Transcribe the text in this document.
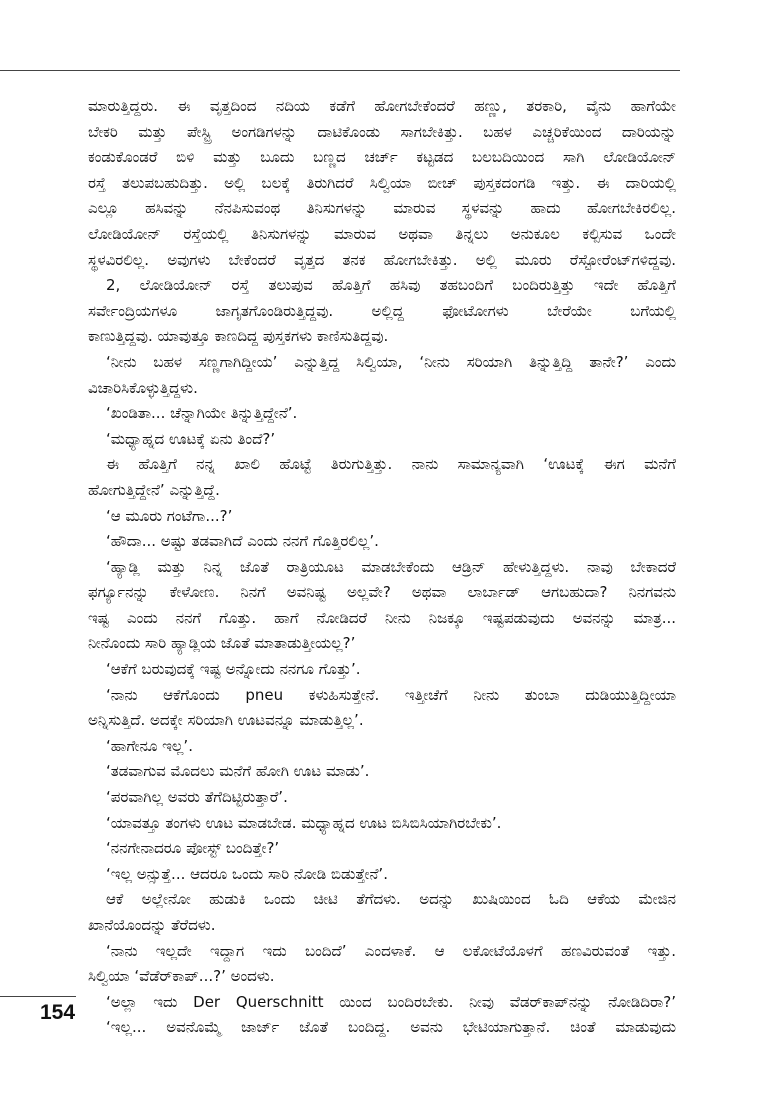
ಮಾರುತ್ತಿದ್ದರು. ಈ ವೃತ್ತದಿಂದ ನದಿಯ ಕಡೆಗೆ ಹೋಗಬೇಕೆಂದರೆ ಹಣ್ಣು, ತರಕಾರಿ, ವೈನು ಹಾಗೆಯೇ
ಬೇಕರಿ ಮತ್ತು ಪೇಸ್ಟ್ರಿ ಅಂಗಡಿಗಳನ್ನು ದಾಟಿಕೊಂಡು ಸಾಗಬೇಕಿತ್ತು. ಬಹಳ ಎಚ್ಚರಿಕೆಯಿಂದ ದಾರಿಯನ್ನು
ಕಂಡುಕೊಂಡರೆ ಬಿಳಿ ಮತ್ತು ಬೂದು ಬಣ್ಣದ ಚರ್ಚ್ ಕಟ್ಟಡದ ಬಲಬದಿಯಿಂದ ಸಾಗಿ ಲೋಡಿಯೋನ್
ರಸ್ತೆ ತಲುಪಬಹುದಿತ್ತು. ಅಲ್ಲಿ ಬಲಕ್ಕೆ ತಿರುಗಿದರೆ ಸಿಲ್ವಿಯಾ ಬೀಚ್ ಪುಸ್ತಕದಂಗಡಿ ಇತ್ತು. ಈ ದಾರಿಯಲ್ಲಿ
ಎಲ್ಲೂ ಹಸಿವನ್ನು ನೆನಪಿಸುವಂಥ ತಿನಿಸುಗಳನ್ನು ಮಾರುವ ಸ್ಥಳವನ್ನು ಹಾದು ಹೋಗಬೇಕಿರಲಿಲ್ಲ.
ಲೋಡಿಯೋನ್ ರಸ್ತೆಯಲ್ಲಿ ತಿನಿಸುಗಳನ್ನು ಮಾರುವ ಅಥವಾ ತಿನ್ನಲು ಅನುಕೂಲ ಕಲ್ಪಿಸುವ ಒಂದೇ
ಸ್ಥಳವಿರಲಿಲ್ಲ. ಅವುಗಳು ಬೇಕೆಂದರೆ ವೃತ್ತದ ತನಕ ಹೋಗಬೇಕಿತ್ತು. ಅಲ್ಲಿ ಮೂರು ರೆಸ್ಟೋರೆಂಟ್‌ಗಳಿದ್ದವು.
2, ಲೋಡಿಯೋನ್ ರಸ್ತೆ ತಲುಪುವ ಹೊತ್ತಿಗೆ ಹಸಿವು ತಹಬಂದಿಗೆ ಬಂದಿರುತ್ತಿತ್ತು ಇದೇ ಹೊತ್ತಿಗೆ
ಸರ್ವೇಂದ್ರಿಯಗಳೂ ಜಾಗೃತಗೊಂಡಿರುತ್ತಿದ್ದವು. ಅಲ್ಲಿದ್ದ ಫೋಟೋಗಳು ಬೇರೆಯೇ ಬಗೆಯಲ್ಲಿ
ಕಾಣುತ್ತಿದ್ದವು. ಯಾವುತ್ತೂ ಕಾಣದಿದ್ದ ಪುಸ್ತಕಗಳು ಕಾಣಿಸುತಿದ್ದವು.
‘ನೀನು ಬಹಳ ಸಣ್ಣಗಾಗಿದ್ದೀಯ’ ಎನ್ನುತ್ತಿದ್ದ ಸಿಲ್ವಿಯಾ, ‘ನೀನು ಸರಿಯಾಗಿ ತಿನ್ನುತ್ತಿದ್ದಿ ತಾನೇ?’ ಎಂದು
ವಿಚಾರಿಸಿಕೊಳ್ಳುತ್ತಿದ್ದಳು.
‘ಖಂಡಿತಾ... ಚೆನ್ನಾಗಿಯೇ ತಿನ್ನುತ್ತಿದ್ದೇನೆ’.
‘ಮಧ್ಯಾಹ್ನದ ಊಟಕ್ಕೆ ಏನು ತಿಂದೆ?’
ಈ ಹೊತ್ತಿಗೆ ನನ್ನ ಖಾಲಿ ಹೊಟ್ಟೆ ತಿರುಗುತ್ತಿತ್ತು. ನಾನು ಸಾಮಾನ್ಯವಾಗಿ ‘ಊಟಕ್ಕೆ ಈಗ ಮನೆಗೆ
ಹೋಗುತ್ತಿದ್ದೇನೆ’ ಎನ್ನುತ್ತಿದ್ದೆ.
‘ಆ ಮೂರು ಗಂಟೆಗಾ...?’
‘ಹೌದಾ... ಅಷ್ಟು ತಡವಾಗಿದೆ ಎಂದು ನನಗೆ ಗೊತ್ತಿರಲಿಲ್ಲ’.
‘ಹ್ಯಾಡ್ಲಿ ಮತ್ತು ನಿನ್ನ ಜೊತೆ ರಾತ್ರಿಯೂಟ ಮಾಡಬೇಕೆಂದು ಆಡ್ರಿನ್ ಹೇಳುತ್ತಿದ್ದಳು. ನಾವು ಬೇಕಾದರೆ
ಫರ್ಗ್ಯೂನನ್ನು ಕೇಳೋಣ. ನಿನಗೆ ಅವನಿಷ್ಟ ಅಲ್ಲವೇ? ಅಥವಾ ಲಾರ್ಬಾಡ್ ಆಗಬಹುದಾ? ನಿನಗವನು
ಇಷ್ಟ ಎಂದು ನನಗೆ ಗೊತ್ತು. ಹಾಗೆ ನೋಡಿದರೆ ನೀನು ನಿಜಕ್ಕೂ ಇಷ್ಟಪಡುವುದು ಅವನನ್ನು ಮಾತ್ರ...
ನೀನೊಂದು ಸಾರಿ ಹ್ಯಾಡ್ಲಿಯ ಜೊತೆ ಮಾತಾಡುತ್ತೀಯಲ್ಲ?’
‘ಆಕೆಗೆ ಬರುವುದಕ್ಕೆ ಇಷ್ಟ ಅನ್ನೋದು ನನಗೂ ಗೊತ್ತು’.
‘ನಾನು ಆಕೆಗೊಂದು pneu ಕಳುಹಿಸುತ್ತೇನೆ. ಇತ್ತೀಚೆಗೆ ನೀನು ತುಂಬಾ ದುಡಿಯುತ್ತಿದ್ದೀಯಾ
ಅನ್ನಿಸುತ್ತಿದೆ. ಅದಕ್ಕೇ ಸರಿಯಾಗಿ ಊಟವನ್ನೂ ಮಾಡುತ್ತಿಲ್ಲ’.
‘ಹಾಗೇನೂ ಇಲ್ಲ’.
‘ತಡವಾಗುವ ಮೊದಲು ಮನೆಗೆ ಹೋಗಿ ಊಟ ಮಾಡು’.
‘ಪರವಾಗಿಲ್ಲ ಅವರು ತೆಗೆದಿಟ್ಟಿರುತ್ತಾರೆ’.
‘ಯಾವತ್ತೂ ತಂಗಳು ಊಟ ಮಾಡಬೇಡ. ಮಧ್ಯಾಹ್ನದ ಊಟ ಬಿಸಿಬಿಸಿಯಾಗಿರಬೇಕು’.
‘ನನಗೇನಾದರೂ ಪೋಸ್ಟ್ ಬಂದಿತ್ತೇ?’
‘ಇಲ್ಲ ಅನ್ಸುತ್ತೆ... ಆದರೂ ಒಂದು ಸಾರಿ ನೋಡಿ ಬಿಡುತ್ತೇನೆ’.
ಆಕೆ ಅಲ್ಲೇನೋ ಹುಡುಕಿ ಒಂದು ಚೀಟಿ ತೆಗೆದಳು. ಅದನ್ನು ಖುಷಿಯಿಂದ ಓದಿ ಆಕೆಯ ಮೇಜಿನ
ಖಾನೆಯೊಂದನ್ನು ತೆರೆದಳು.
‘ನಾನು ಇಲ್ಲದೇ ಇದ್ದಾಗ ಇದು ಬಂದಿದೆ’ ಎಂದಳಾಕೆ. ಆ ಲಕೋಟೆಯೊಳಗೆ ಹಣವಿರುವಂತೆ ಇತ್ತು.
ಸಿಲ್ವಿಯಾ ‘ವೆಡೆರ್‌ಕಾಪ್...?’ ಅಂದಳು.
‘ಅಲ್ಲಾ ಇದು Der Querschnitt ಯಿಂದ ಬಂದಿರಬೇಕು. ನೀವು ವೆಡರ್‌ಕಾಪ್‌ನನ್ನು ನೋಡಿದಿರಾ?’
‘ಇಲ್ಲ... ಅವನೊಮ್ಮೆ ಜಾರ್ಜ್ ಜೊತೆ ಬಂದಿದ್ದ. ಅವನು ಭೇಟಿಯಾಗುತ್ತಾನೆ. ಚಿಂತೆ ಮಾಡುವುದು
154
